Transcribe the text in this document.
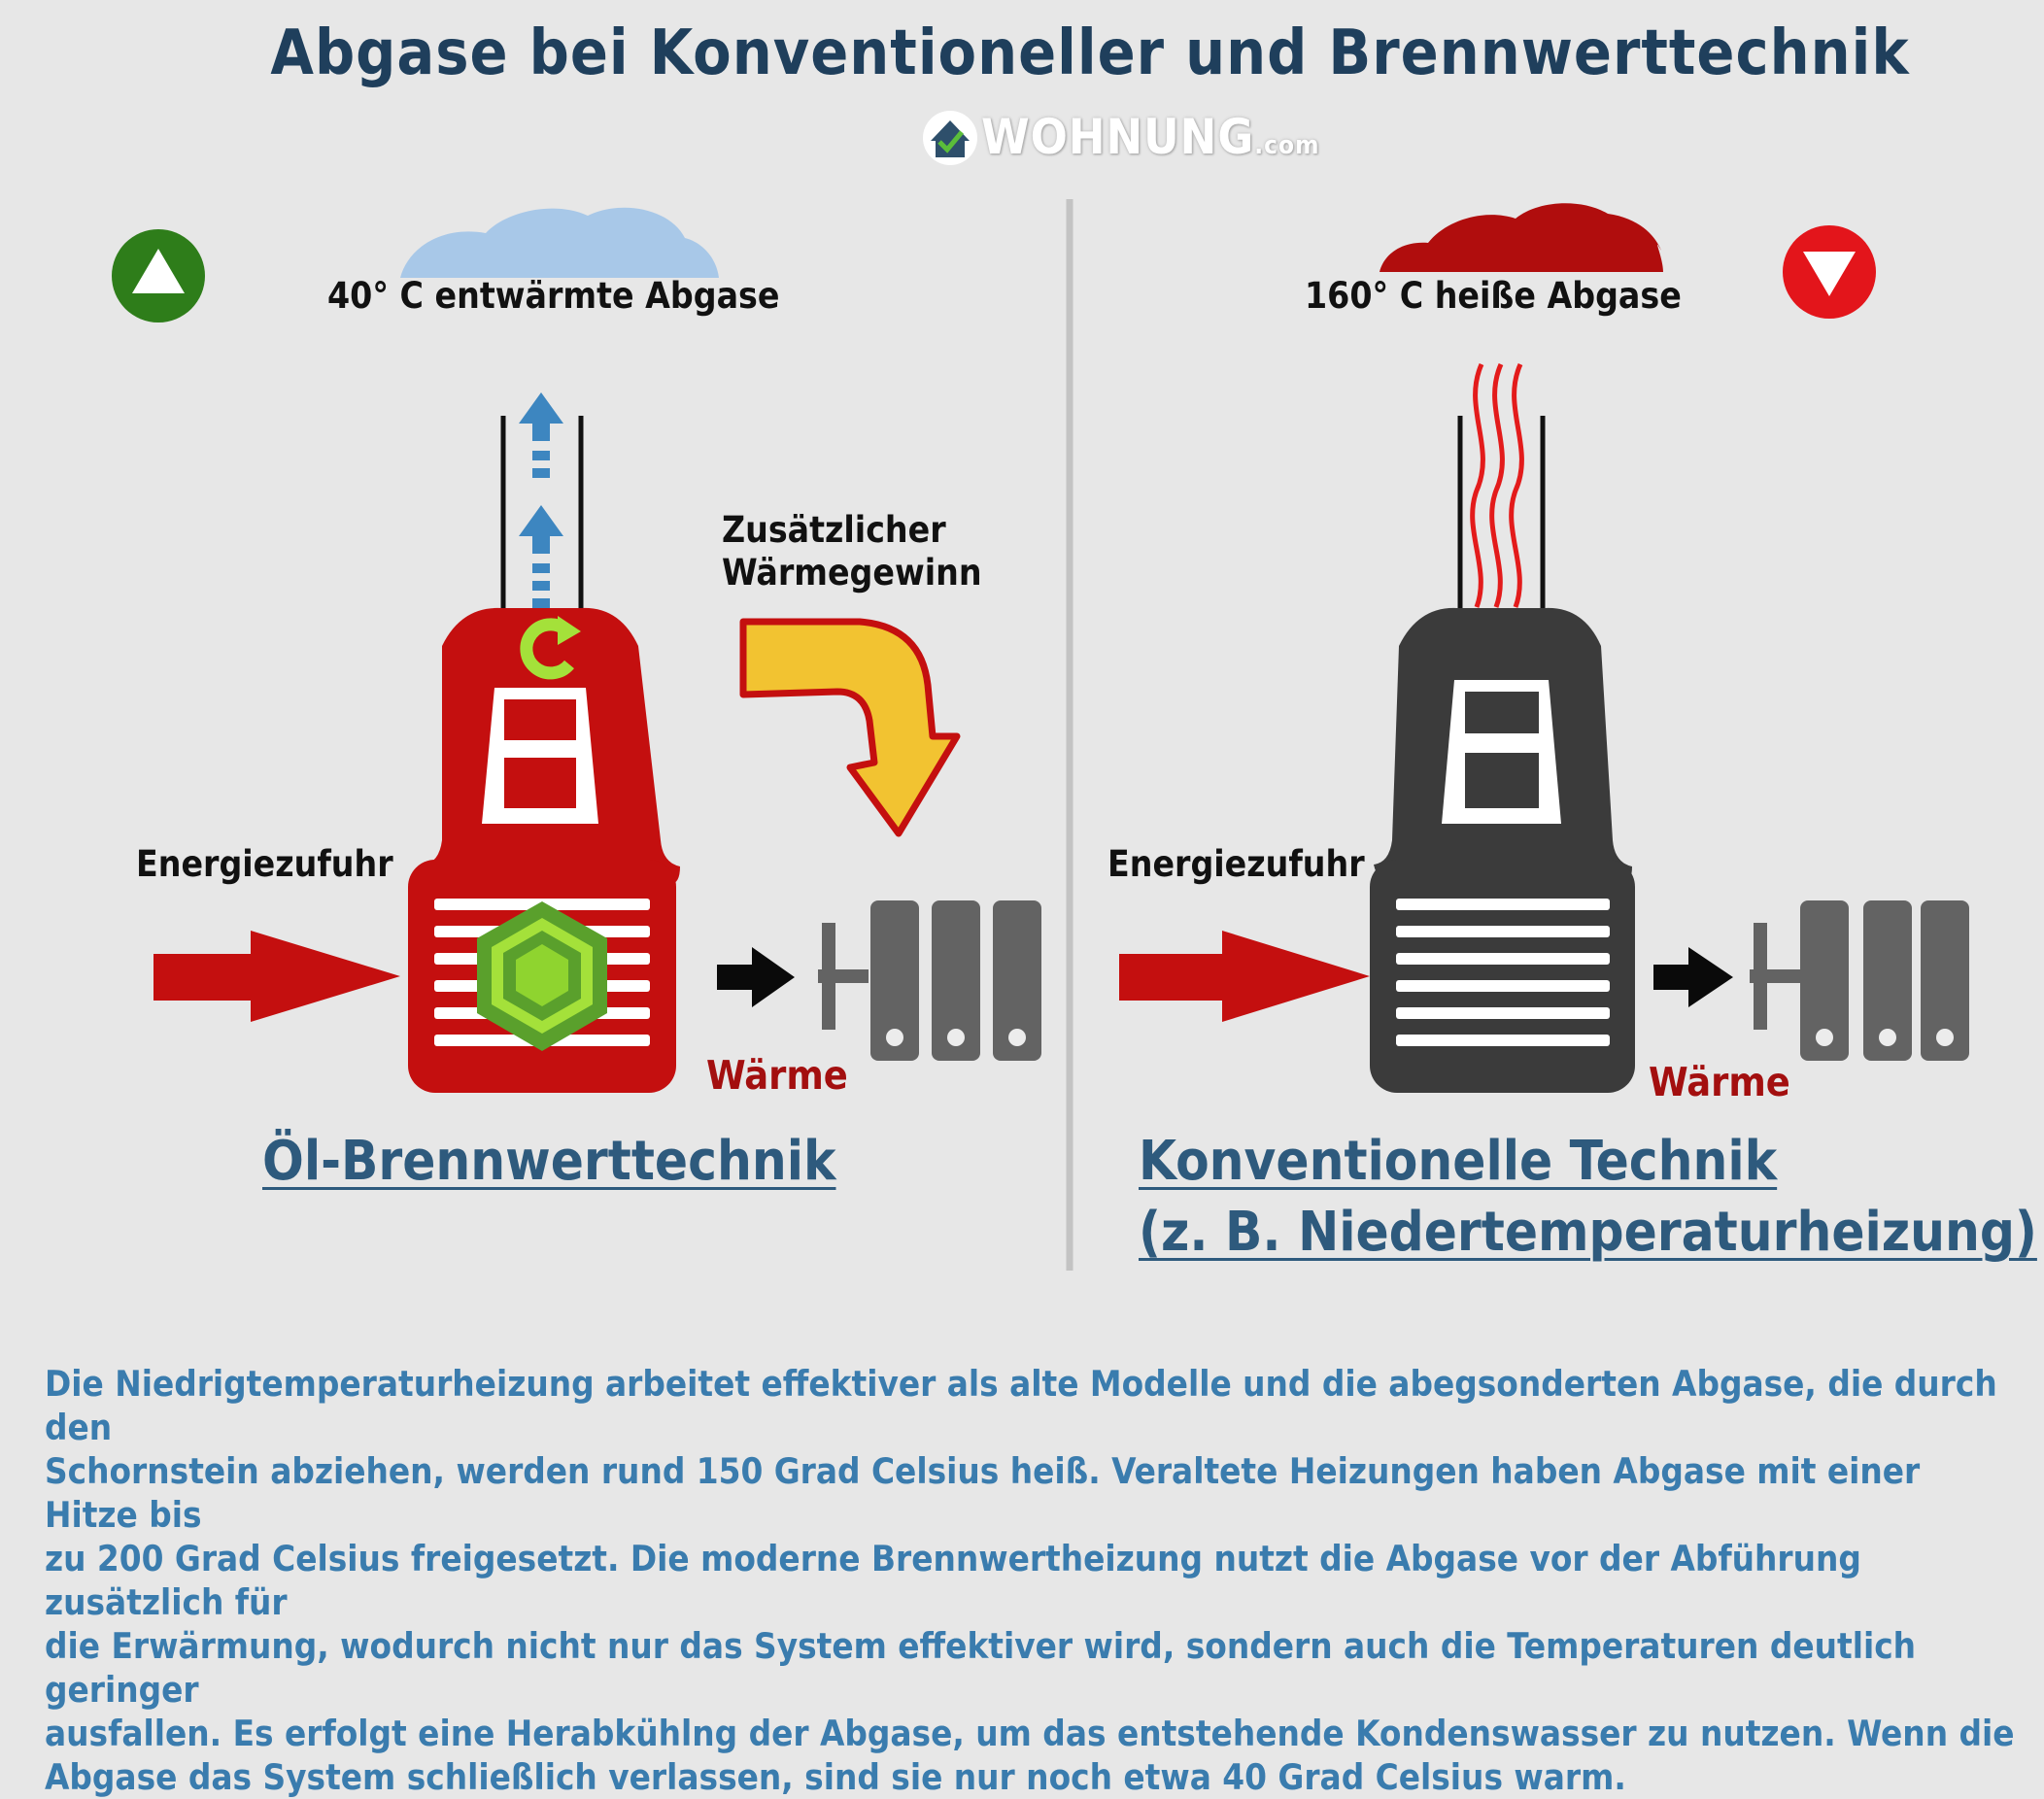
Abgase bei Konventioneller und Brennwerttechnik
WOHNUNG.com
40° C entwärmte Abgase
Zusätzlicher
Wärmegewinn
Energiezufuhr
Wärme
Öl-Brennwerttechnik
160° C heiße Abgase
Energiezufuhr
Wärme
Konventionelle Technik
(z. B. Niedertemperaturheizung)
Die Niedrigtemperaturheizung arbeitet effektiver als alte Modelle und die abegsonderten Abgase, die durch den
Schornstein abziehen, werden rund 150 Grad Celsius heiß. Veraltete Heizungen haben Abgase mit einer Hitze bis
zu 200 Grad Celsius freigesetzt. Die moderne Brennwertheizung nutzt die Abgase vor der Abführung zusätzlich für
die Erwärmung, wodurch nicht nur das System effektiver wird, sondern auch die Temperaturen deutlich geringer
ausfallen. Es erfolgt eine Herabkühlng der Abgase, um das entstehende Kondenswasser zu nutzen. Wenn die
Abgase das System schließlich verlassen, sind sie nur noch etwa 40 Grad Celsius warm.
